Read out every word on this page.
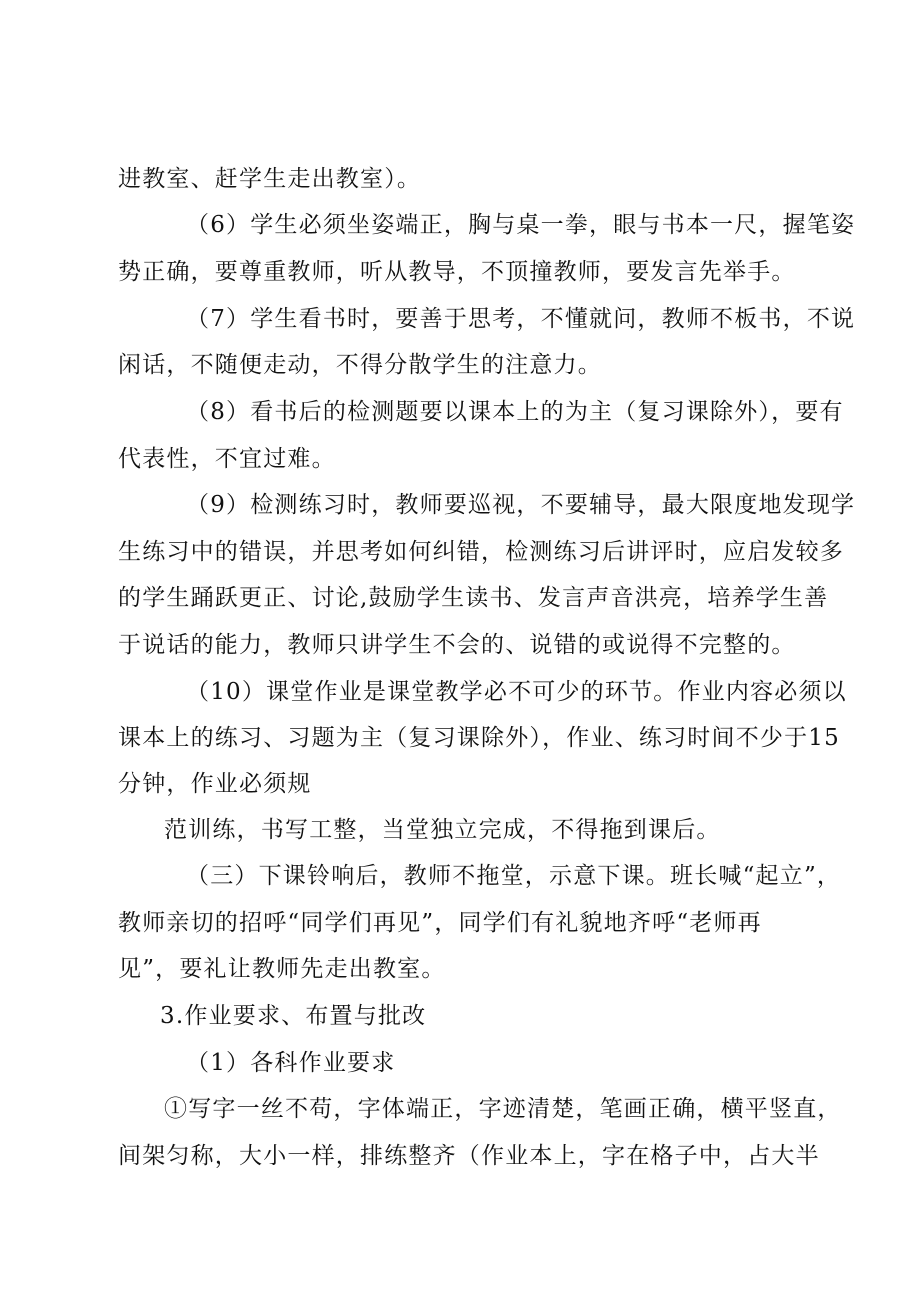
进教室、赶学生走出教室）。
（6）学生必须坐姿端正，胸与桌一拳，眼与书本一尺，握笔姿
势正确，要尊重教师，听从教导，不顶撞教师，要发言先举手。
（7）学生看书时，要善于思考，不懂就问，教师不板书，不说
闲话，不随便走动，不得分散学生的注意力。
（8）看书后的检测题要以课本上的为主（复习课除外），要有
代表性，不宜过难。
（9）检测练习时，教师要巡视，不要辅导，最大限度地发现学
生练习中的错误，并思考如何纠错，检测练习后讲评时，应启发较多
的学生踊跃更正、讨论,鼓励学生读书、发言声音洪亮，培养学生善
于说话的能力，教师只讲学生不会的、说错的或说得不完整的。
（10）课堂作业是课堂教学必不可少的环节。作业内容必须以
课本上的练习、习题为主（复习课除外），作业、练习时间不少于15
分钟，作业必须规
范训练，书写工整，当堂独立完成，不得拖到课后。
（三）下课铃响后，教师不拖堂，示意下课。班长喊“起立”，
教师亲切的招呼“同学们再见”，同学们有礼貌地齐呼“老师再
见”，要礼让教师先走出教室。
3.作业要求、布置与批改
（1）各科作业要求
①写字一丝不苟，字体端正，字迹清楚，笔画正确，横平竖直，
间架匀称，大小一样，排练整齐（作业本上，字在格子中，占大半
